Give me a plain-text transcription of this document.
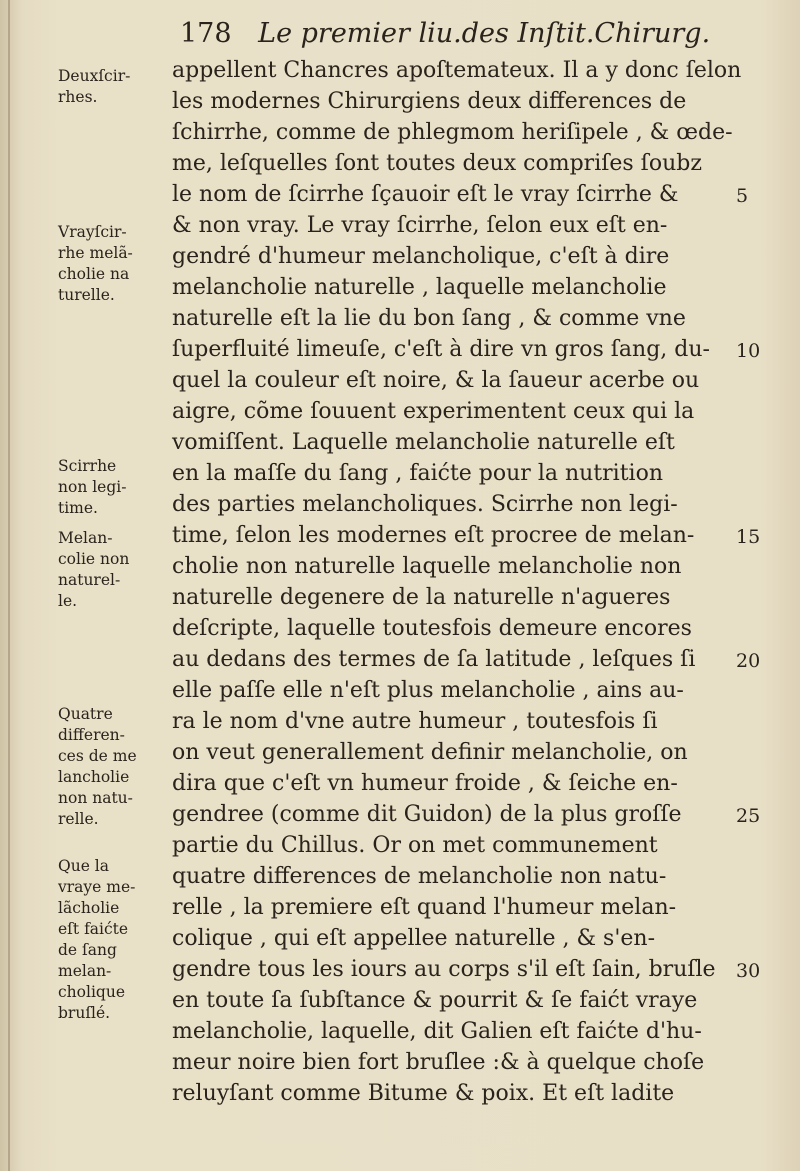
178 Le premier liu.des Inſtit.Chirurg.
Deuxſcir-
rhes.
Vrayſcir-
rhe melã-
cholie na
turelle.
Scirrhe
non legi-
time.
Melan-
colie non
naturel-
le.
Quatre
differen-
ces de me
lancholie
non natu-
relle.
Que la
vraye me-
lãcholie
eſt faićte
de ſang
melan-
cholique
bruſlé.
appellent Chancres apoſtemateux. Il a y donc ſelon
les modernes Chirurgiens deux differences de
ſchirrhe, comme de phlegmom heriſipele , & œde-
me, leſquelles ſont toutes deux compriſes ſoubz
le nom de ſcirrhe ſçauoir eſt le vray ſcirrhe &
& non vray. Le vray ſcirrhe, ſelon eux eſt en-
gendré d'humeur melancholique, c'eſt à dire
melancholie naturelle , laquelle melancholie
naturelle eſt la lie du bon ſang , & comme vne
ſuperfluité limeuſe, c'eſt à dire vn gros ſang, du-
quel la couleur eſt noire, & la ſaueur acerbe ou
aigre, cõme ſouuent experimentent ceux qui la
vomiſſent. Laquelle melancholie naturelle eſt
en la maſſe du ſang , faićte pour la nutrition
des parties melancholiques. Scirrhe non legi-
time, ſelon les modernes eſt procree de melan-
cholie non naturelle laquelle melancholie non
naturelle degenere de la naturelle n'agueres
deſcripte, laquelle toutesfois demeure encores
au dedans des termes de ſa latitude , leſques ſi
elle paſſe elle n'eſt plus melancholie , ains au-
ra le nom d'vne autre humeur , toutesfois ſi
on veut generallement definir melancholie, on
dira que c'eſt vn humeur froide , & ſeiche en-
gendree (comme dit Guidon) de la plus groſſe
partie du Chillus. Or on met communement
quatre differences de melancholie non natu-
relle , la premiere eſt quand l'humeur melan-
colique , qui eſt appellee naturelle , & s'en-
gendre tous les iours au corps s'il eſt ſain, bruſle
en toute ſa ſubſtance & pourrit & ſe faićt vraye
melancholie, laquelle, dit Galien eſt faićte d'hu-
meur noire bien fort bruſlee :& à quelque choſe
reluyſant comme Bitume & poix. Et eſt ladite
5
10
15
20
25
30
